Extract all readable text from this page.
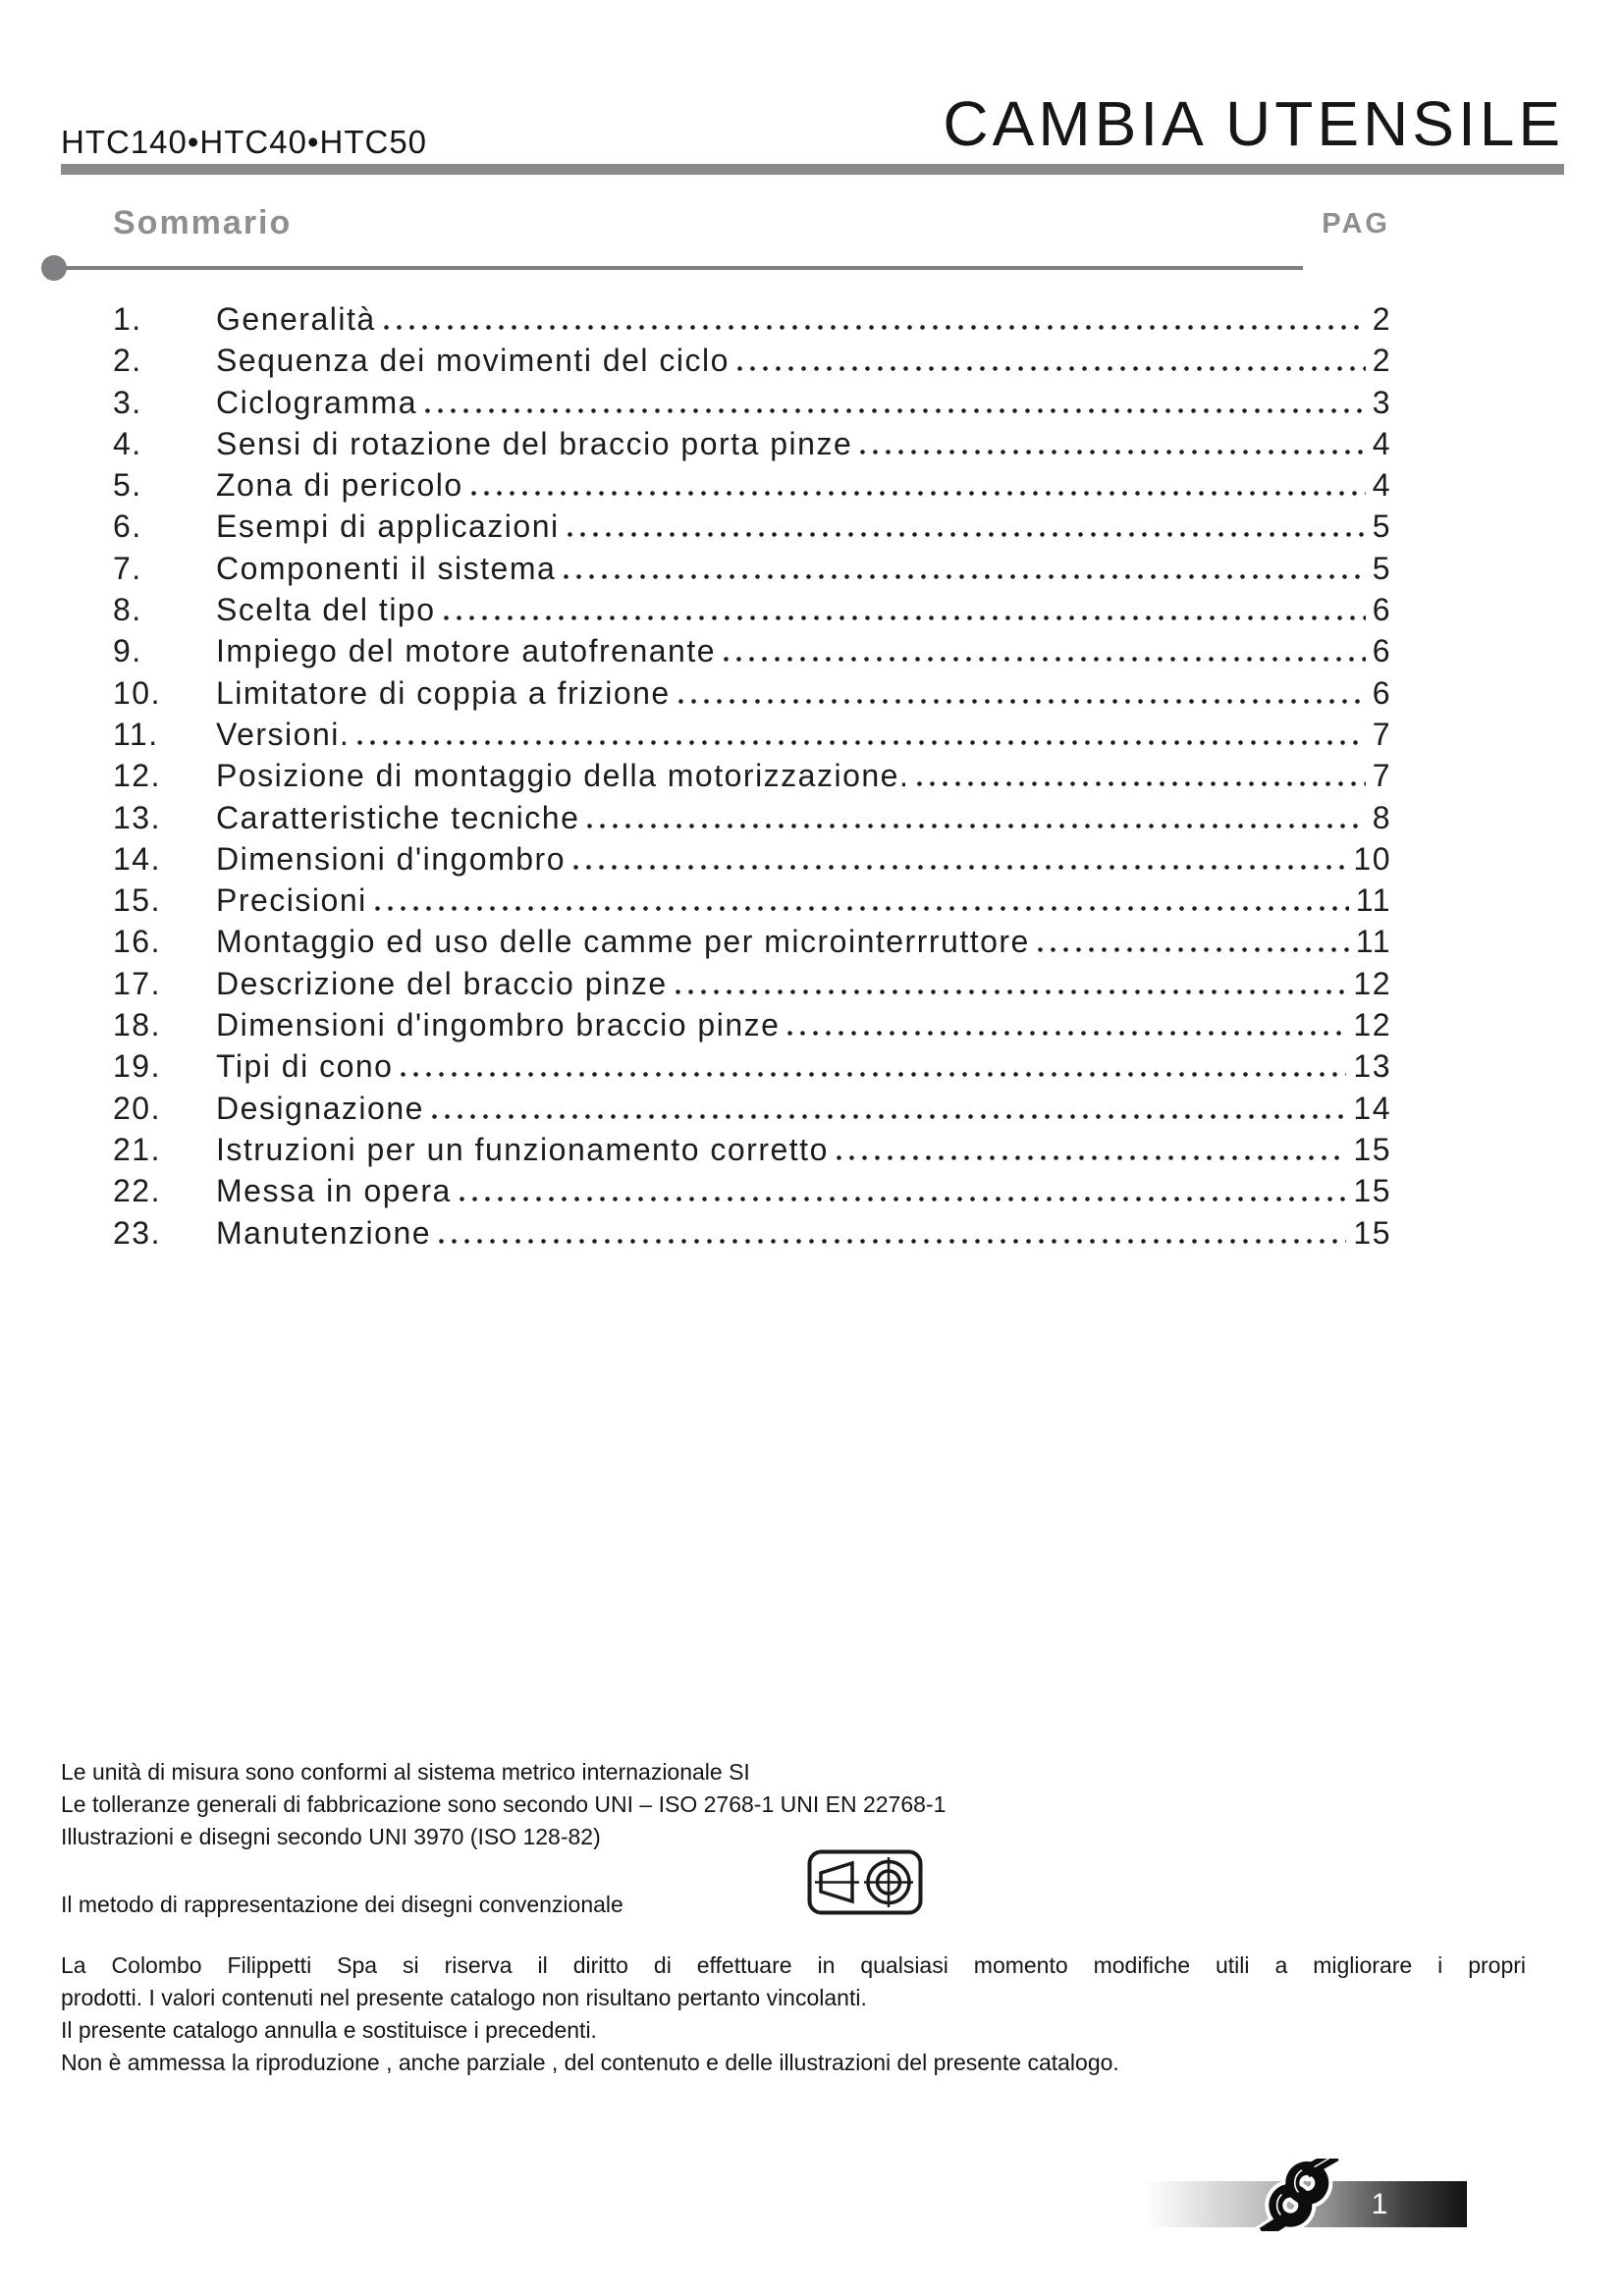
HTC140•HTC40•HTC50	CAMBIA UTENSILE
Sommario	PAG
1.	Generalità	2
2.	Sequenza dei movimenti del ciclo	2
3.	Ciclogramma	3
4.	Sensi di rotazione del braccio porta pinze	4
5.	Zona di pericolo	4
6.	Esempi di applicazioni	5
7.	Componenti il sistema	5
8.	Scelta del tipo	6
9.	Impiego del motore autofrenante	6
10.	Limitatore di coppia a frizione	6
11.	Versioni.	7
12.	Posizione di montaggio della motorizzazione.	7
13.	Caratteristiche tecniche	8
14.	Dimensioni d'ingombro	10
15.	Precisioni	11
16.	Montaggio ed uso delle camme per microinterrruttore	11
17.	Descrizione del braccio pinze	12
18.	Dimensioni d'ingombro braccio pinze	12
19.	Tipi di cono	13
20.	Designazione	14
21.	Istruzioni per un funzionamento corretto	15
22.	Messa in opera	15
23.	Manutenzione	15
Le unità di misura sono conformi al sistema metrico internazionale SI
Le tolleranze generali di fabbricazione sono secondo UNI – ISO 2768-1 UNI EN 22768-1
Illustrazioni e disegni secondo UNI 3970 (ISO 128-82)
Il metodo di rappresentazione dei disegni convenzionale
La Colombo Filippetti Spa si riserva il diritto di effettuare in qualsiasi momento modifiche utili a migliorare i propri
prodotti. I valori contenuti nel presente catalogo non risultano pertanto vincolanti.
Il presente catalogo annulla e sostituisce i precedenti.
Non è ammessa la riproduzione , anche parziale , del contenuto e delle illustrazioni del presente catalogo.
1
